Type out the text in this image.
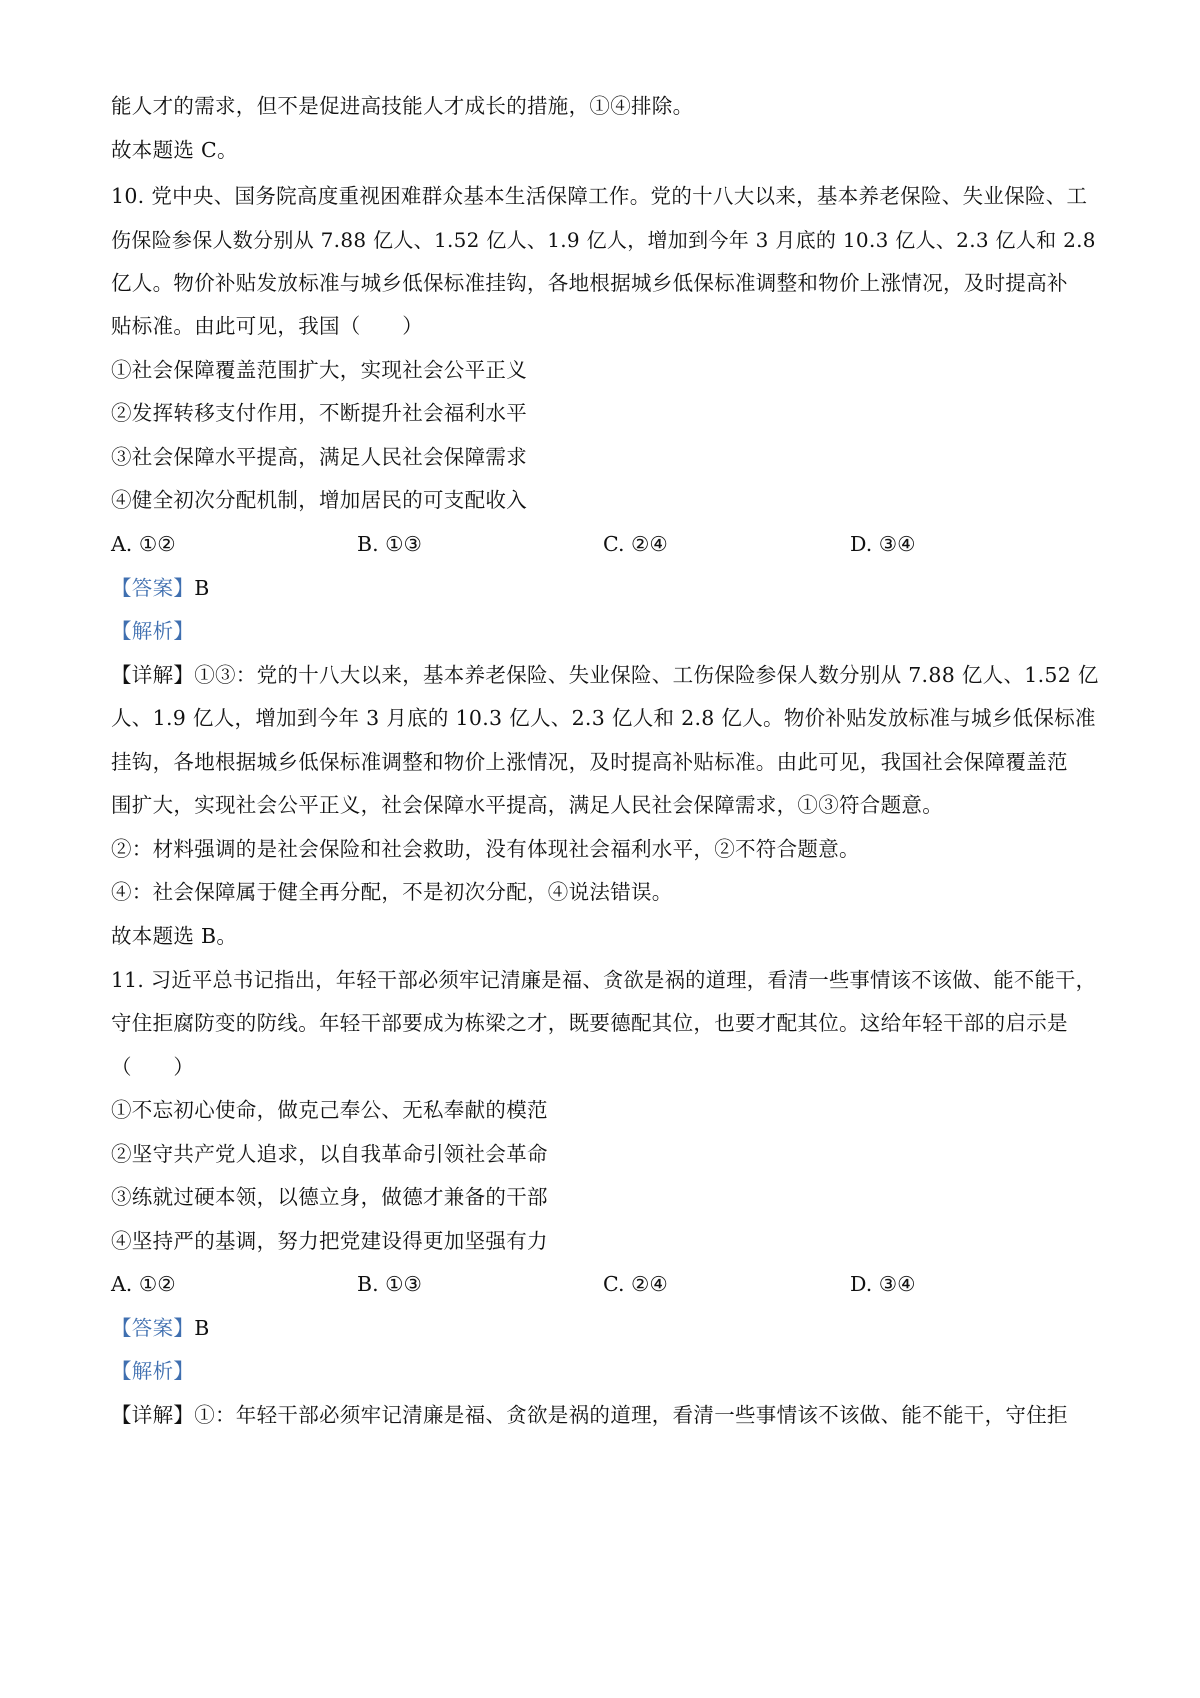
能人才的需求，但不是促进高技能人才成长的措施，①④排除。
故本题选 C。
10. 党中央、国务院高度重视困难群众基本生活保障工作。党的十八大以来，基本养老保险、失业保险、工
伤保险参保人数分别从 7.88 亿人、1.52 亿人、1.9 亿人，增加到今年 3 月底的 10.3 亿人、2.3 亿人和 2.8
亿人。物价补贴发放标准与城乡低保标准挂钩，各地根据城乡低保标准调整和物价上涨情况，及时提高补
贴标准。由此可见，我国（　　）
①社会保障覆盖范围扩大，实现社会公平正义
②发挥转移支付作用，不断提升社会福利水平
③社会保障水平提高，满足人民社会保障需求
④健全初次分配机制，增加居民的可支配收入
A. ①②	B. ①③	C. ②④	D. ③④
【答案】B
【解析】
【详解】①③：党的十八大以来，基本养老保险、失业保险、工伤保险参保人数分别从 7.88 亿人、1.52 亿
人、1.9 亿人，增加到今年 3 月底的 10.3 亿人、2.3 亿人和 2.8 亿人。物价补贴发放标准与城乡低保标准
挂钩，各地根据城乡低保标准调整和物价上涨情况，及时提高补贴标准。由此可见，我国社会保障覆盖范
围扩大，实现社会公平正义，社会保障水平提高，满足人民社会保障需求，①③符合题意。
②：材料强调的是社会保险和社会救助，没有体现社会福利水平，②不符合题意。
④：社会保障属于健全再分配，不是初次分配，④说法错误。
故本题选 B。
11. 习近平总书记指出，年轻干部必须牢记清廉是福、贪欲是祸的道理，看清一些事情该不该做、能不能干，
守住拒腐防变的防线。年轻干部要成为栋梁之才，既要德配其位，也要才配其位。这给年轻干部的启示是
（　　）
①不忘初心使命，做克己奉公、无私奉献的模范
②坚守共产党人追求，以自我革命引领社会革命
③练就过硬本领，以德立身，做德才兼备的干部
④坚持严的基调，努力把党建设得更加坚强有力
A. ①②	B. ①③	C. ②④	D. ③④
【答案】B
【解析】
【详解】①：年轻干部必须牢记清廉是福、贪欲是祸的道理，看清一些事情该不该做、能不能干，守住拒
